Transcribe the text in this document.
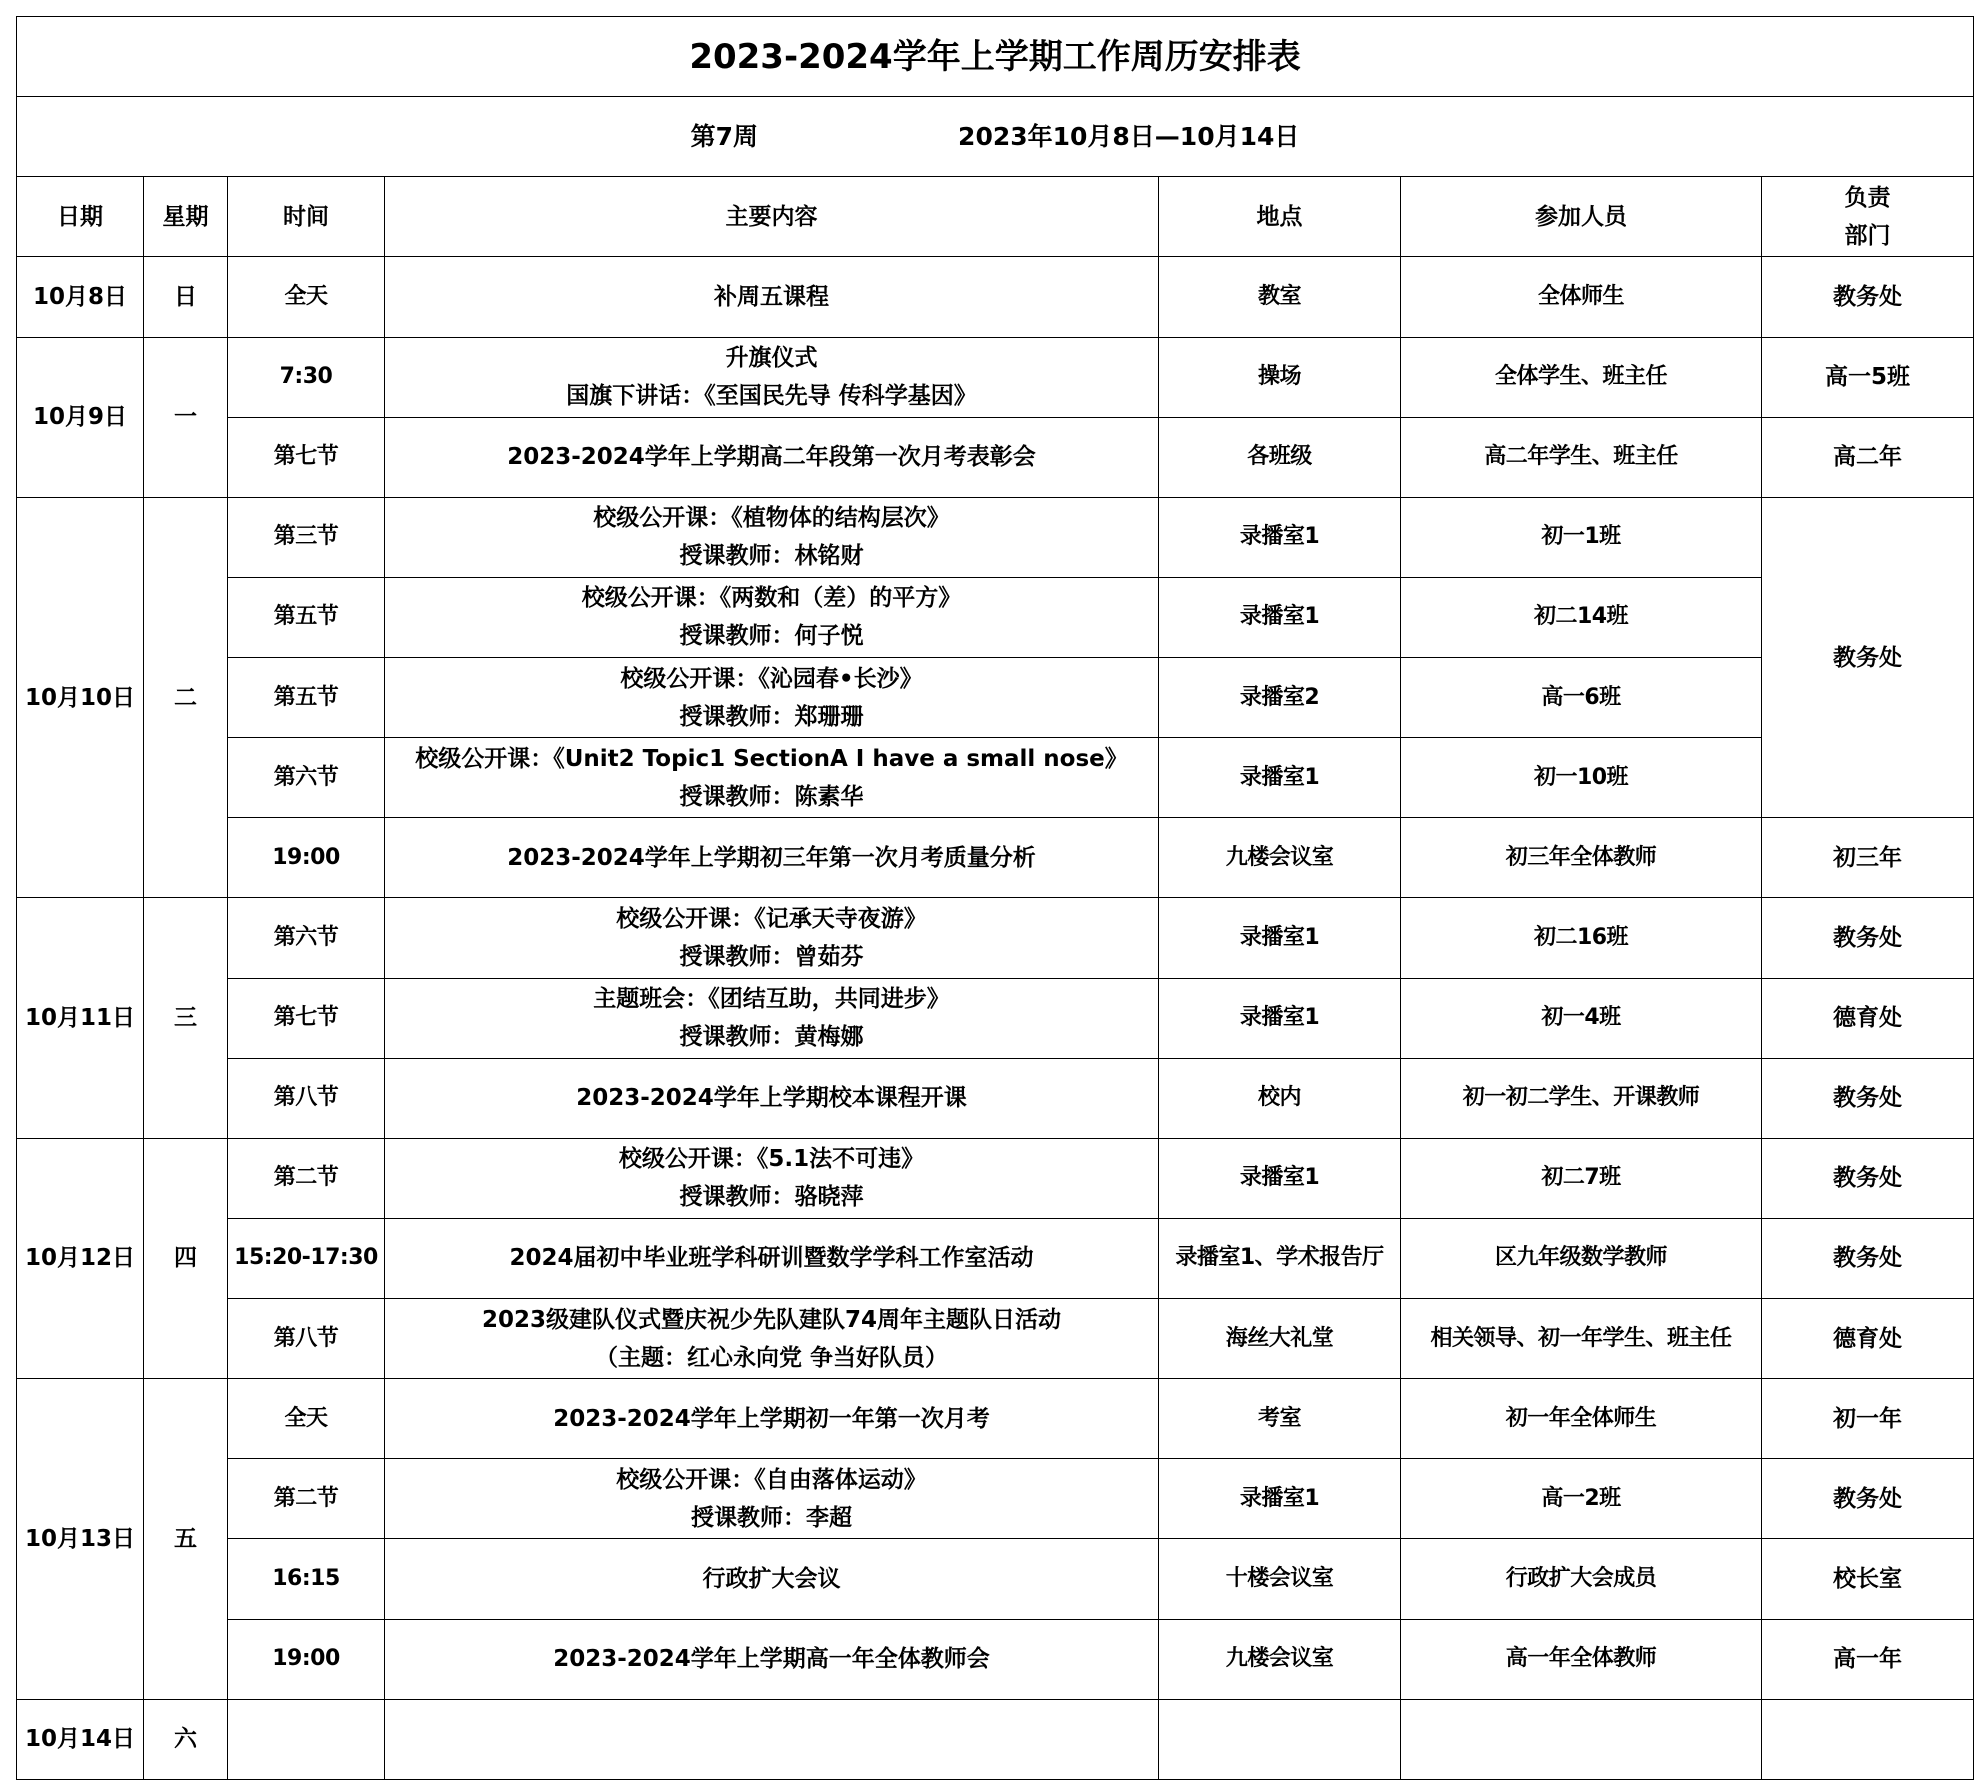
2023-2024学年上学期工作周历安排表						
第7周 2023年10月8日—10月14日						
日期	星期	时间	主要内容	地点	参加人员	负责
部门
10月8日	日	全天	补周五课程	教室	全体师生	教务处
10月9日	一	7:30	升旗仪式
国旗下讲话：《至国民先导 传科学基因》	操场	全体学生、班主任	高一5班
		第七节	2023-2024学年上学期高二年段第一次月考表彰会	各班级	高二年学生、班主任	高二年
10月10日	二	第三节	校级公开课：《植物体的结构层次》
授课教师：林铭财	录播室1	初一1班	教务处
		第五节	校级公开课：《两数和（差）的平方》
授课教师：何子悦	录播室1	初二14班	
		第五节	校级公开课：《沁园春•长沙》
授课教师：郑珊珊	录播室2	高一6班	
		第六节	校级公开课：《Unit2 Topic1 SectionA I have a small nose》
授课教师：陈素华	录播室1	初一10班	
		19:00	2023-2024学年上学期初三年第一次月考质量分析	九楼会议室	初三年全体教师	初三年
10月11日	三	第六节	校级公开课：《记承天寺夜游》
授课教师：曾茹芬	录播室1	初二16班	教务处
		第七节	主题班会：《团结互助，共同进步》
授课教师：黄梅娜	录播室1	初一4班	德育处
		第八节	2023-2024学年上学期校本课程开课	校内	初一初二学生、开课教师	教务处
10月12日	四	第二节	校级公开课：《5.1法不可违》
授课教师：骆晓萍	录播室1	初二7班	教务处
		15:20-17:30	2024届初中毕业班学科研训暨数学学科工作室活动	录播室1、学术报告厅	区九年级数学教师	教务处
		第八节	2023级建队仪式暨庆祝少先队建队74周年主题队日活动
（主题：红心永向党 争当好队员）	海丝大礼堂	相关领导、初一年学生、班主任	德育处
10月13日	五	全天	2023-2024学年上学期初一年第一次月考	考室	初一年全体师生	初一年
		第二节	校级公开课：《自由落体运动》
授课教师：李超	录播室1	高一2班	教务处
		16:15	行政扩大会议	十楼会议室	行政扩大会成员	校长室
		19:00	2023-2024学年上学期高一年全体教师会	九楼会议室	高一年全体教师	高一年
10月14日	六					
